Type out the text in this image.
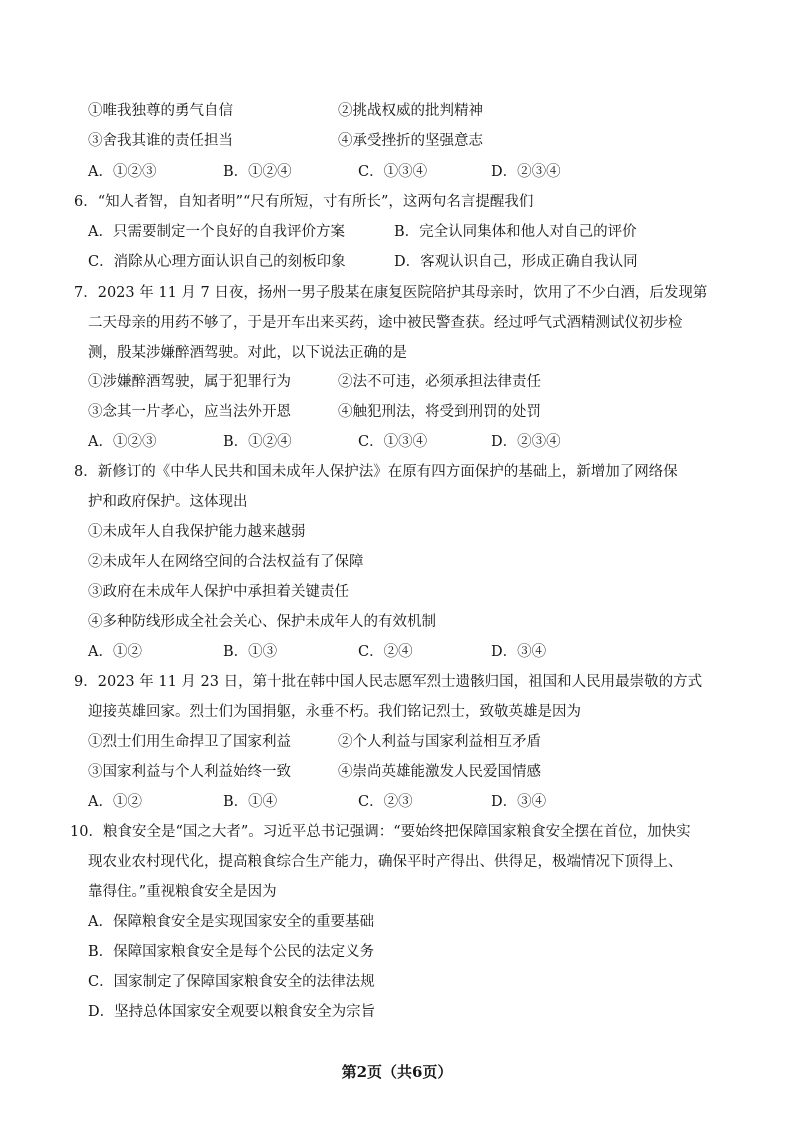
①唯我独尊的勇气自信	②挑战权威的批判精神
③舍我其谁的责任担当	④承受挫折的坚强意志
A．①②③	B．①②④	C．①③④	D．②③④
6．“知人者智，自知者明”“尺有所短，寸有所长”，这两句名言提醒我们
A．只需要制定一个良好的自我评价方案	B．完全认同集体和他人对自己的评价
C．消除从心理方面认识自己的刻板印象	D．客观认识自己，形成正确自我认同
7．2023 年 11 月 7 日夜，扬州一男子殷某在康复医院陪护其母亲时，饮用了不少白酒，后发现第
二天母亲的用药不够了，于是开车出来买药，途中被民警查获。经过呼气式酒精测试仪初步检
测，殷某涉嫌醉酒驾驶。对此，以下说法正确的是
①涉嫌醉酒驾驶，属于犯罪行为	②法不可违，必须承担法律责任
③念其一片孝心，应当法外开恩	④触犯刑法，将受到刑罚的处罚
A．①②③	B．①②④	C．①③④	D．②③④
8．新修订的《中华人民共和国未成年人保护法》在原有四方面保护的基础上，新增加了网络保
护和政府保护。这体现出
①未成年人自我保护能力越来越弱
②未成年人在网络空间的合法权益有了保障
③政府在未成年人保护中承担着关键责任
④多种防线形成全社会关心、保护未成年人的有效机制
A．①②	B．①③	C．②④	D．③④
9．2023 年 11 月 23 日，第十批在韩中国人民志愿军烈士遗骸归国，祖国和人民用最崇敬的方式
迎接英雄回家。烈士们为国捐躯，永垂不朽。我们铭记烈士，致敬英雄是因为
①烈士们用生命捍卫了国家利益	②个人利益与国家利益相互矛盾
③国家利益与个人利益始终一致	④崇尚英雄能激发人民爱国情感
A．①②	B．①④	C．②③	D．③④
10．粮食安全是“国之大者”。习近平总书记强调：“要始终把保障国家粮食安全摆在首位，加快实
现农业农村现代化，提高粮食综合生产能力，确保平时产得出、供得足，极端情况下顶得上、
靠得住。”重视粮食安全是因为
A．保障粮食安全是实现国家安全的重要基础
B．保障国家粮食安全是每个公民的法定义务
C．国家制定了保障国家粮食安全的法律法规
D．坚持总体国家安全观要以粮食安全为宗旨
第2页（共6页）
